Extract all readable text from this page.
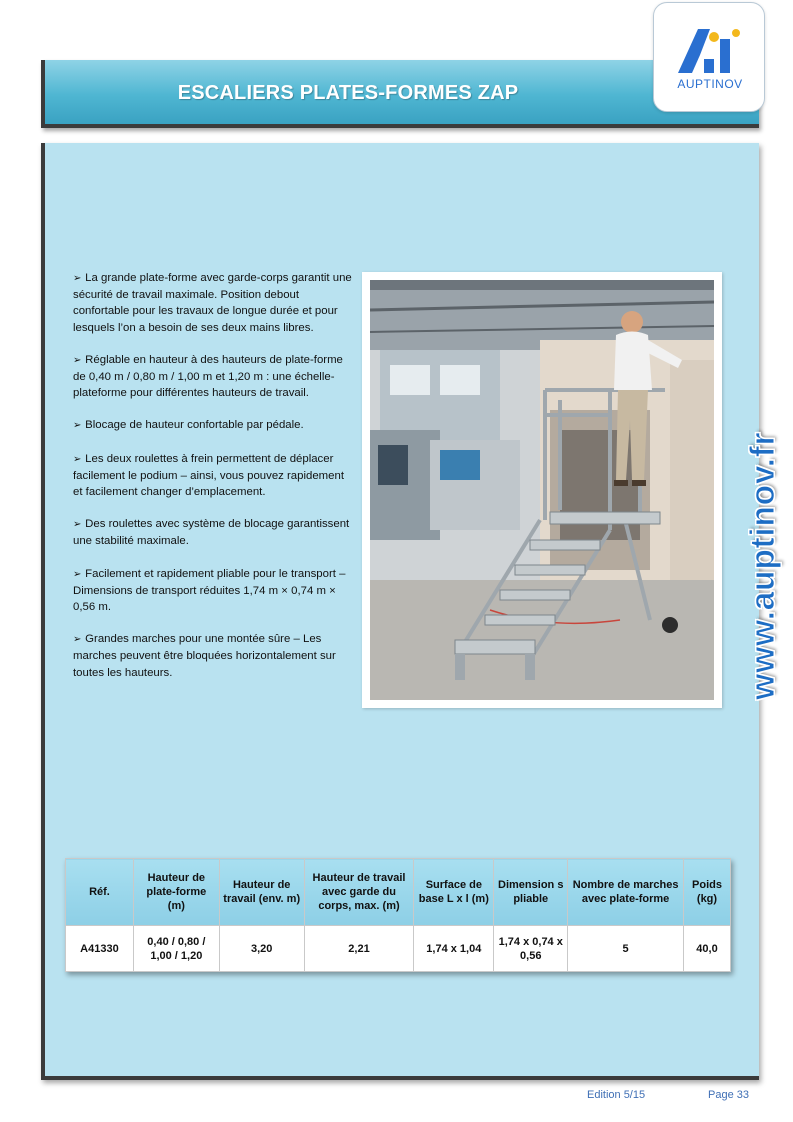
ESCALIERS PLATES-FORMES ZAP	AUPTINOV

➢ La grande plate-forme avec garde-corps garantit une sécurité de travail maximale. Position debout confortable pour les travaux de longue durée et pour lesquels l’on a besoin de ses deux mains libres.

➢ Réglable en hauteur à des hauteurs de plate-forme de 0,40 m / 0,80 m / 1,00 m et 1,20 m : une échelle-plateforme pour différentes hauteurs de travail.

➢ Blocage de hauteur confortable par pédale.

➢ Les deux roulettes à frein permettent de déplacer facilement le podium – ainsi, vous pouvez rapidement et facilement changer d’emplacement.

➢ Des roulettes avec système de blocage garantissent une stabilité maximale.

➢ Facilement et rapidement pliable pour le transport – Dimensions de transport réduites 1,74 m × 0,74 m × 0,56 m.

➢ Grandes marches pour une montée sûre – Les marches peuvent être bloquées horizontalement sur toutes les hauteurs.	www.auptinov.fr
Réf.	Hauteur de plate-forme (m)	Hauteur de travail (env. m)	Hauteur de travail avec garde du corps, max. (m)	Surface de base L x l (m)	Dimension s pliable	Nombre de marches avec plate-forme	Poids (kg)
A41330	0,40 / 0,80 / 1,00 / 1,20	3,20	2,21	1,74 x 1,04	1,74 x 0,74 x 0,56	5	40,0
Edition 5/15	Page 33
